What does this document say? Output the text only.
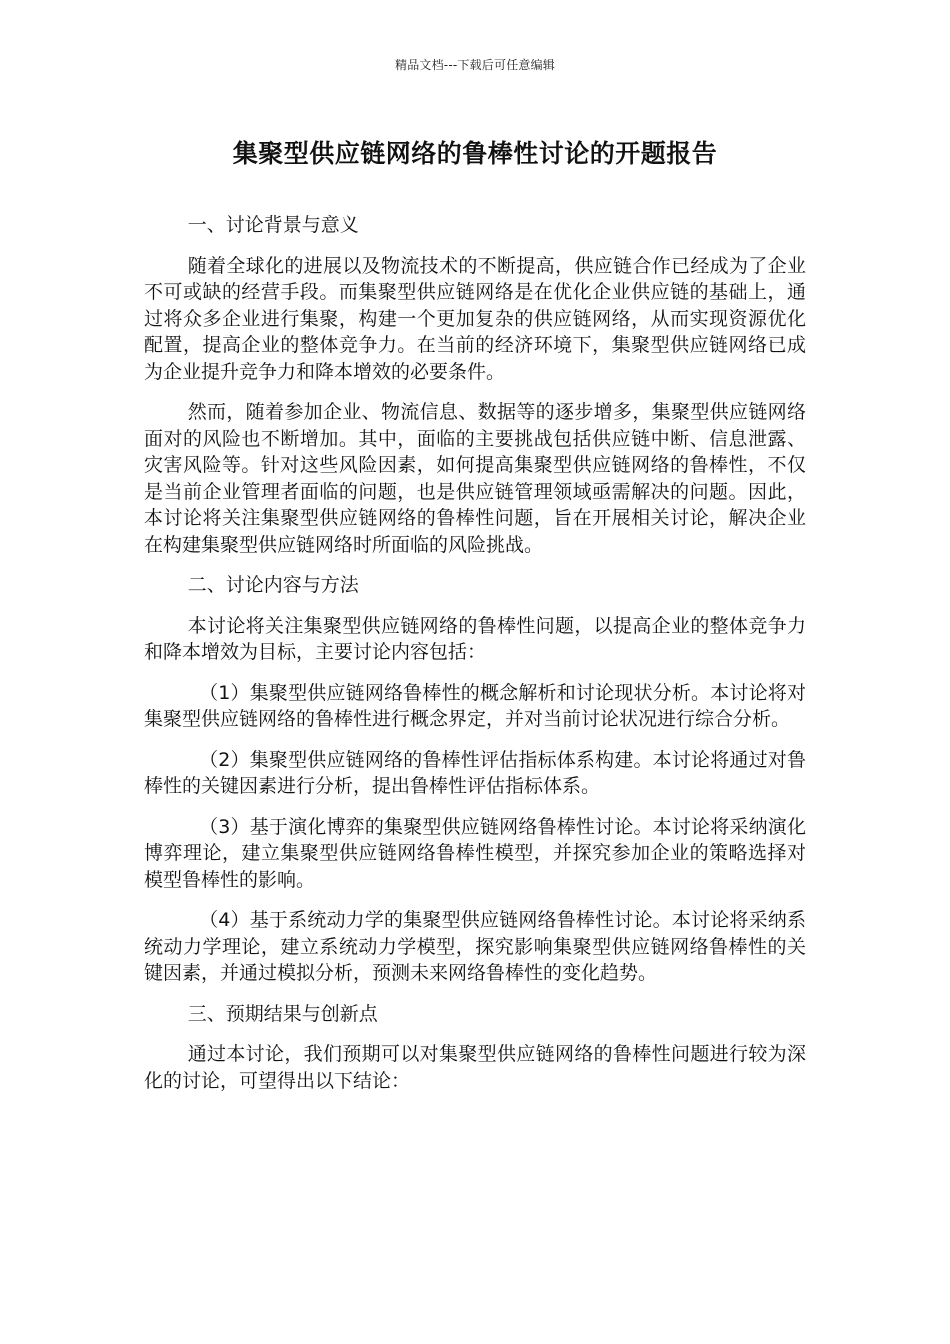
精品文档---下载后可任意编辑
集聚型供应链网络的鲁棒性讨论的开题报告

一、讨论背景与意义

随着全球化的进展以及物流技术的不断提高，供应链合作已经成为了企业不可或缺的经营手段。而集聚型供应链网络是在优化企业供应链的基础上，通过将众多企业进行集聚，构建一个更加复杂的供应链网络，从而实现资源优化配置，提高企业的整体竞争力。在当前的经济环境下，集聚型供应链网络已成为企业提升竞争力和降本增效的必要条件。

然而，随着参加企业、物流信息、数据等的逐步增多，集聚型供应链网络面对的风险也不断增加。其中，面临的主要挑战包括供应链中断、信息泄露、灾害风险等。针对这些风险因素，如何提高集聚型供应链网络的鲁棒性，不仅是当前企业管理者面临的问题，也是供应链管理领域亟需解决的问题。因此，本讨论将关注集聚型供应链网络的鲁棒性问题，旨在开展相关讨论，解决企业在构建集聚型供应链网络时所面临的风险挑战。

二、讨论内容与方法

本讨论将关注集聚型供应链网络的鲁棒性问题，以提高企业的整体竞争力和降本增效为目标，主要讨论内容包括：

（1）集聚型供应链网络鲁棒性的概念解析和讨论现状分析。本讨论将对集聚型供应链网络的鲁棒性进行概念界定，并对当前讨论状况进行综合分析。

（2）集聚型供应链网络的鲁棒性评估指标体系构建。本讨论将通过对鲁棒性的关键因素进行分析，提出鲁棒性评估指标体系。

（3）基于演化博弈的集聚型供应链网络鲁棒性讨论。本讨论将采纳演化博弈理论，建立集聚型供应链网络鲁棒性模型，并探究参加企业的策略选择对模型鲁棒性的影响。

（4）基于系统动力学的集聚型供应链网络鲁棒性讨论。本讨论将采纳系统动力学理论，建立系统动力学模型，探究影响集聚型供应链网络鲁棒性的关键因素，并通过模拟分析，预测未来网络鲁棒性的变化趋势。

三、预期结果与创新点

通过本讨论，我们预期可以对集聚型供应链网络的鲁棒性问题进行较为深化的讨论，可望得出以下结论：
